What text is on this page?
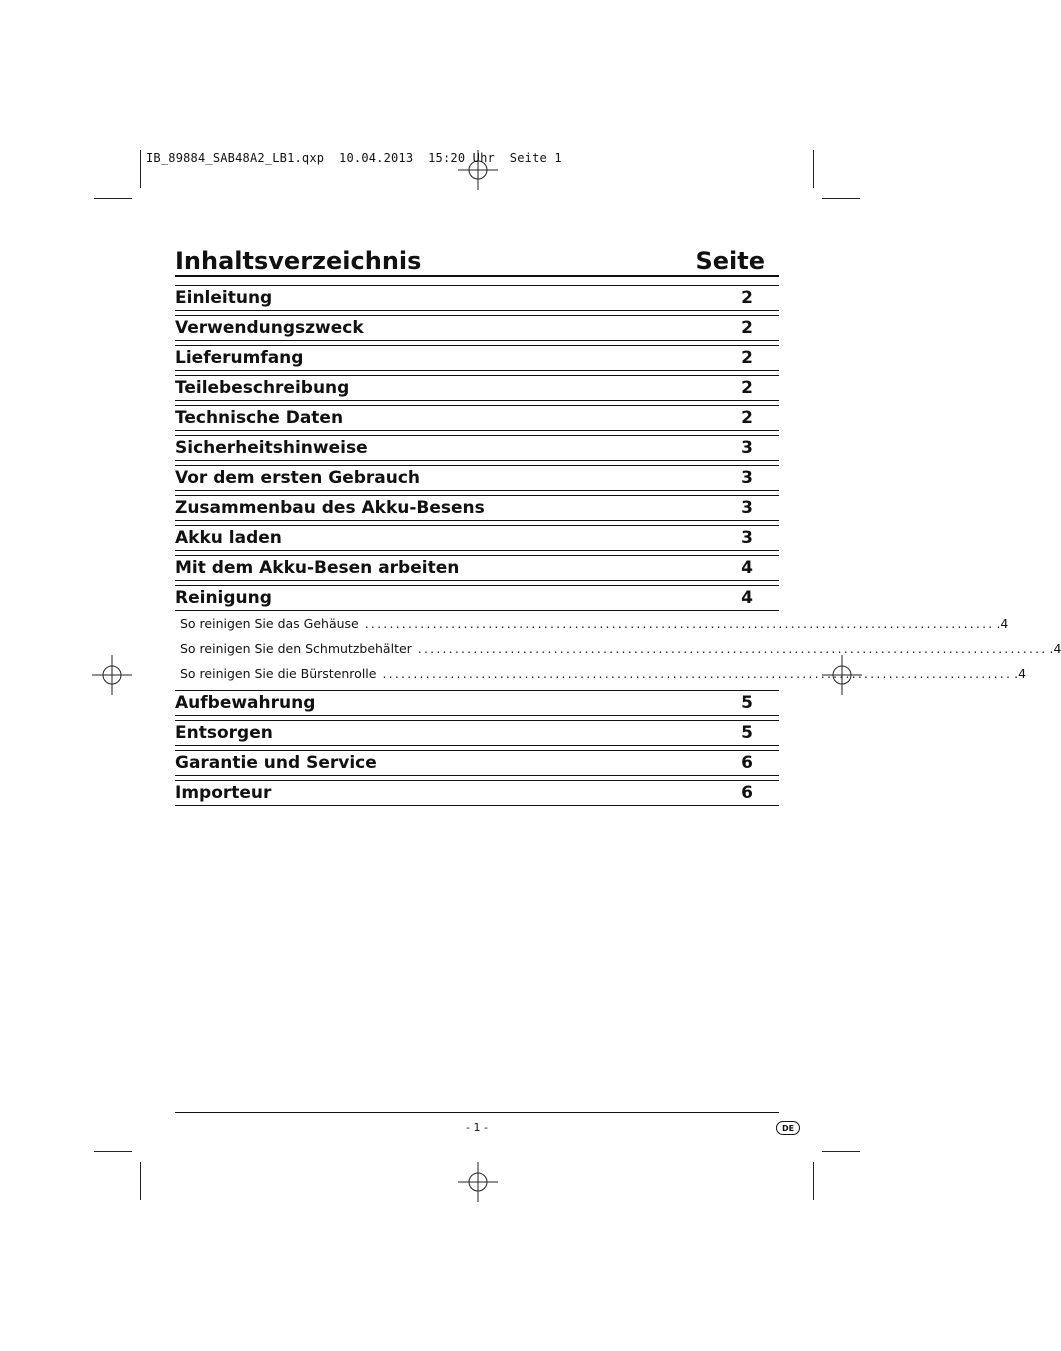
IB_89884_SAB48A2_LB1.qxp  10.04.2013  15:20 Uhr  Seite 1
Inhaltsverzeichnis	Seite
Einleitung	2
Verwendungszweck	2
Lieferumfang	2
Teilebeschreibung	2
Technische Daten	2
Sicherheitshinweise	3
Vor dem ersten Gebrauch	3
Zusammenbau des Akku-Besens	3
Akku laden	3
Mit dem Akku-Besen arbeiten	4
Reinigung	4
So reinigen Sie das Gehäuse ...................................................................................................... .4
So reinigen Sie den Schmutzbehälter ...................................................................................................... .4
So reinigen Sie die Bürstenrolle ...................................................................................................... .4
Aufbewahrung	5
Entsorgen	5
Garantie und Service	6
Importeur	6
- 1 -	DE
